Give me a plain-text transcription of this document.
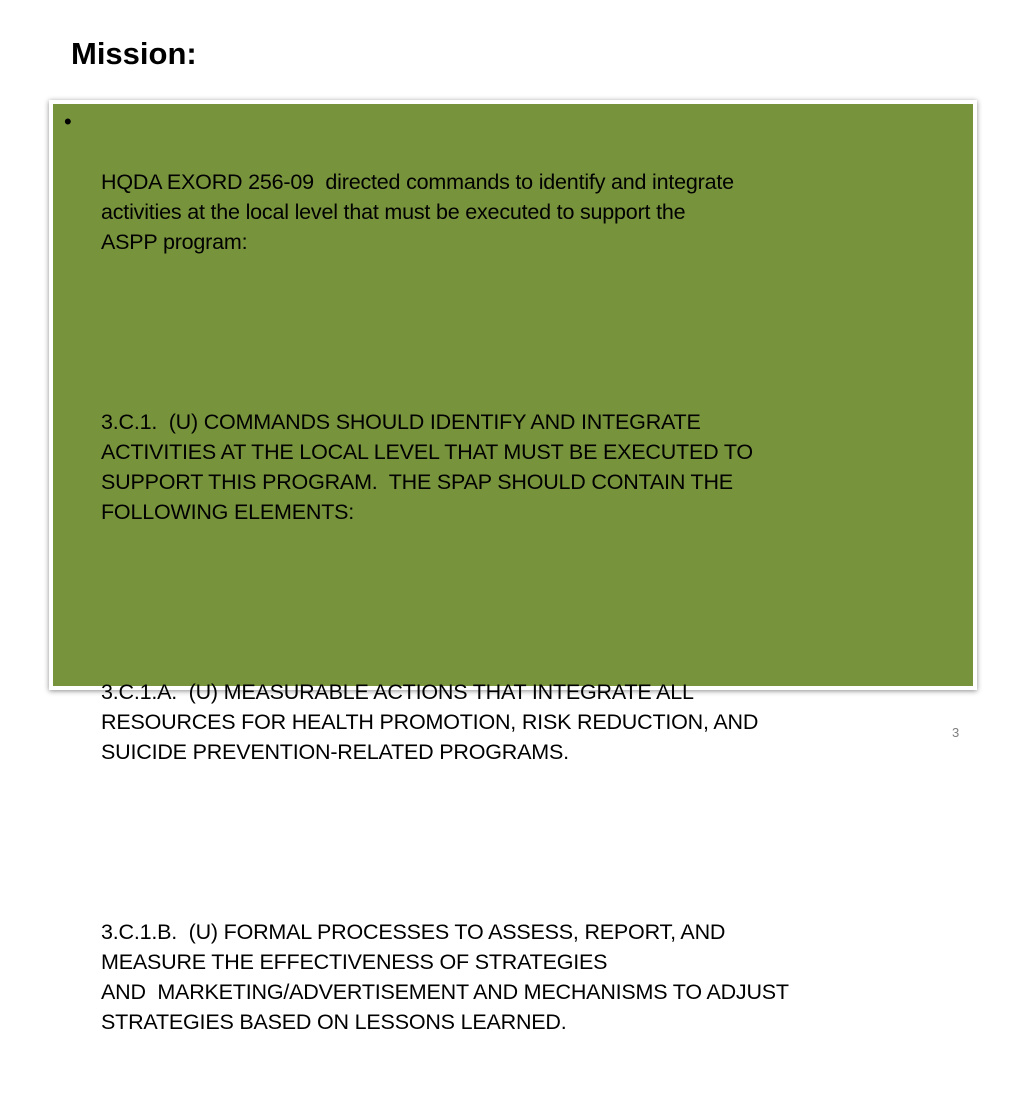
Mission:
•

HQDA EXORD 256-09  directed commands to identify and integrate
activities at the local level that must be executed to support the
ASPP program:

3.C.1.  (U) COMMANDS SHOULD IDENTIFY AND INTEGRATE
ACTIVITIES AT THE LOCAL LEVEL THAT MUST BE EXECUTED TO
SUPPORT THIS PROGRAM.  THE SPAP SHOULD CONTAIN THE
FOLLOWING ELEMENTS:

3.C.1.A.  (U) MEASURABLE ACTIONS THAT INTEGRATE ALL
RESOURCES FOR HEALTH PROMOTION, RISK REDUCTION, AND
SUICIDE PREVENTION-RELATED PROGRAMS.

3.C.1.B.  (U) FORMAL PROCESSES TO ASSESS, REPORT, AND
MEASURE THE EFFECTIVENESS OF STRATEGIES
AND  MARKETING/ADVERTISEMENT AND MECHANISMS TO ADJUST
STRATEGIES BASED ON LESSONS LEARNED.

3
